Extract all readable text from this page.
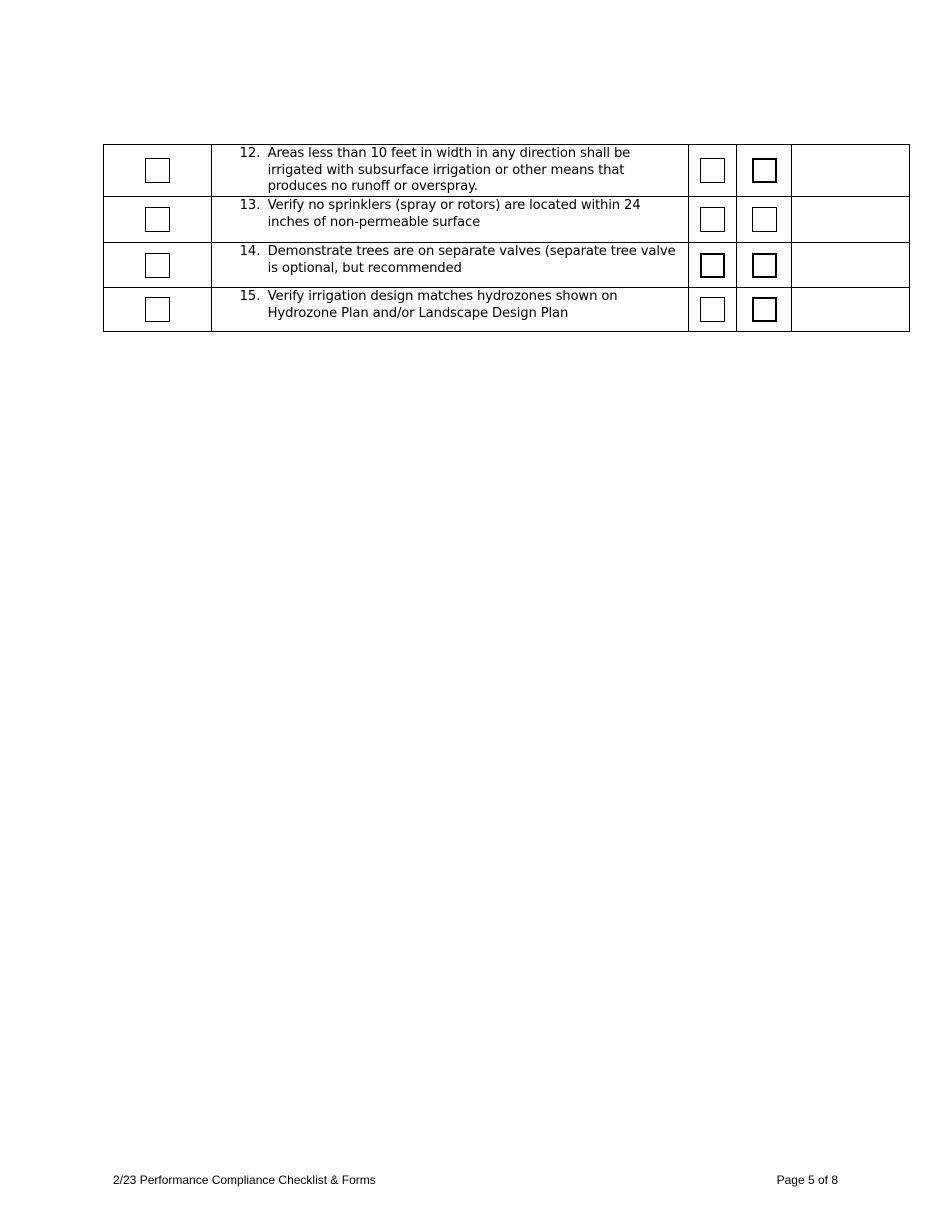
	12. Areas less than 10 feet in width in any direction shall be irrigated with subsurface irrigation or other means that produces no runoff or overspray.			

	13. Verify no sprinklers (spray or rotors) are located within 24 inches of non-permeable surface			

	14. Demonstrate trees are on separate valves (separate tree valve is optional, but recommended			

	15. Verify irrigation design matches hydrozones shown on Hydrozone Plan and/or Landscape Design Plan			

2/23 Performance Compliance Checklist & Forms	Page 5 of 8
